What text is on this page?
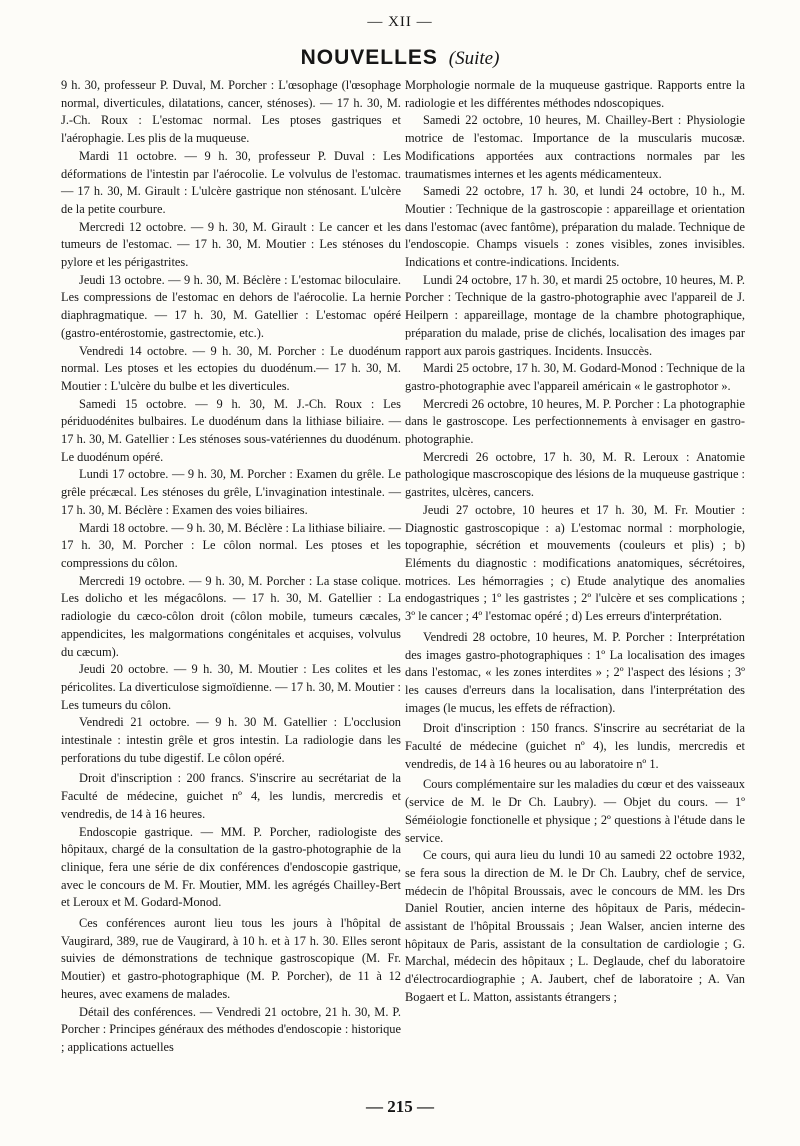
— XII —
NOUVELLES (Suite)

9 h. 30, professeur P. Duval, M. Porcher : L'œsophage (l'œsophage normal, diverticules, dilatations, cancer, sténoses). — 17 h. 30, M. J.-Ch. Roux : L'estomac normal. Les ptoses gastriques et l'aérophagie. Les plis de la muqueuse.

Mardi 11 octobre. — 9 h. 30, professeur P. Duval : Les déformations de l'intestin par l'aérocolie. Le volvulus de l'estomac. — 17 h. 30, M. Girault : L'ulcère gastrique non sténosant. L'ulcère de la petite courbure.

Mercredi 12 octobre. — 9 h. 30, M. Girault : Le cancer et les tumeurs de l'estomac. — 17 h. 30, M. Moutier : Les sténoses du pylore et les périgastrites.

Jeudi 13 octobre. — 9 h. 30, M. Béclère : L'estomac biloculaire. Les compressions de l'estomac en dehors de l'aérocolie. La hernie diaphragmatique. — 17 h. 30, M. Gatellier : L'estomac opéré (gastro-entérostomie, gastrectomie, etc.).

Vendredi 14 octobre. — 9 h. 30, M. Porcher : Le duodénum normal. Les ptoses et les ectopies du duodénum.— 17 h. 30, M. Moutier : L'ulcère du bulbe et les diverticules.

Samedi 15 octobre. — 9 h. 30, M. J.-Ch. Roux : Les périduodénites bulbaires. Le duodénum dans la lithiase biliaire. — 17 h. 30, M. Gatellier : Les sténoses sous-vatériennes du duodénum. Le duodénum opéré.

Lundi 17 octobre. — 9 h. 30, M. Porcher : Examen du grêle. Le grêle précæcal. Les sténoses du grêle, L'invagination intestinale. — 17 h. 30, M. Béclère : Examen des voies biliaires.

Mardi 18 octobre. — 9 h. 30, M. Béclère : La lithiase biliaire. — 17 h. 30, M. Porcher : Le côlon normal. Les ptoses et les compressions du côlon.

Mercredi 19 octobre. — 9 h. 30, M. Porcher : La stase colique. Les dolicho et les mégacôlons. — 17 h. 30, M. Gatellier : La radiologie du cæco-côlon droit (côlon mobile, tumeurs cæcales, appendicites, les malgormations congénitales et acquises, volvulus du cæcum).

Jeudi 20 octobre. — 9 h. 30, M. Moutier : Les colites et les péricolites. La diverticulose sigmoïdienne. — 17 h. 30, M. Moutier : Les tumeurs du côlon.

Vendredi 21 octobre. — 9 h. 30 M. Gatellier : L'occlusion intestinale : intestin grêle et gros intestin. La radiologie dans les perforations du tube digestif. Le côlon opéré.

Droit d'inscription : 200 francs. S'inscrire au secrétariat de la Faculté de médecine, guichet nº 4, les lundis, mercredis et vendredis, de 14 à 16 heures.

Endoscopie gastrique. — MM. P. Porcher, radiologiste des hôpitaux, chargé de la consultation de la gastro-photographie de la clinique, fera une série de dix conférences d'endoscopie gastrique, avec le concours de M. Fr. Moutier, MM. les agrégés Chailley-Bert et Leroux et M. Godard-Monod.

Ces conférences auront lieu tous les jours à l'hôpital de Vaugirard, 389, rue de Vaugirard, à 10 h. et à 17 h. 30. Elles seront suivies de démonstrations de technique gastroscopique (M. Fr. Moutier) et gastro-photographique (M. P. Porcher), de 11 à 12 heures, avec examens de malades.

Détail des conférences. — Vendredi 21 octobre, 21 h. 30, M. P. Porcher : Principes généraux des méthodes d'endoscopie : historique ; applications actuelles

Morphologie normale de la muqueuse gastrique. Rapports entre la radiologie et les différentes méthodes ndoscopiques.

Samedi 22 octobre, 10 heures, M. Chailley-Bert : Physiologie motrice de l'estomac. Importance de la muscularis mucosæ. Modifications apportées aux contractions normales par les traumatismes internes et les agents médicamenteux.

Samedi 22 octobre, 17 h. 30, et lundi 24 octobre, 10 h., M. Moutier : Technique de la gastroscopie : appareillage et orientation dans l'estomac (avec fantôme), préparation du malade. Technique de l'endoscopie. Champs visuels : zones visibles, zones invisibles. Indications et contre-indications. Incidents.

Lundi 24 octobre, 17 h. 30, et mardi 25 octobre, 10 heures, M. P. Porcher : Technique de la gastro-photographie avec l'appareil de J. Heilpern : appareillage, montage de la chambre photographique, préparation du malade, prise de clichés, localisation des images par rapport aux parois gastriques. Incidents. Insuccès.

Mardi 25 octobre, 17 h. 30, M. Godard-Monod : Technique de la gastro-photographie avec l'appareil américain « le gastrophotor ».

Mercredi 26 octobre, 10 heures, M. P. Porcher : La photographie dans le gastroscope. Les perfectionnements à envisager en gastro-photographie.

Mercredi 26 octobre, 17 h. 30, M. R. Leroux : Anatomie pathologique mascroscopique des lésions de la muqueuse gastrique : gastrites, ulcères, cancers.

Jeudi 27 octobre, 10 heures et 17 h. 30, M. Fr. Moutier : Diagnostic gastroscopique : a) L'estomac normal : morphologie, topographie, sécrétion et mouvements (couleurs et plis) ; b) Eléments du diagnostic : modifications anatomiques, sécrétoires, motrices. Les hémorragies ; c) Etude analytique des anomalies endogastriques ; 1º les gastristes ; 2º l'ulcère et ses complications ; 3º le cancer ; 4º l'estomac opéré ; d) Les erreurs d'interprétation.

Vendredi 28 octobre, 10 heures, M. P. Porcher : Interprétation des images gastro-photographiques : 1º La localisation des images dans l'estomac, « les zones interdites » ; 2º l'aspect des lésions ; 3º les causes d'erreurs dans la localisation, dans l'interprétation des images (le mucus, les effets de réfraction).

Droit d'inscription : 150 francs. S'inscrire au secrétariat de la Faculté de médecine (guichet nº 4), les lundis, mercredis et vendredis, de 14 à 16 heures ou au laboratoire nº 1.

Cours complémentaire sur les maladies du cœur et des vaisseaux (service de M. le Dr Ch. Laubry). — Objet du cours. — 1º Séméiologie fonctionelle et physique ; 2º questions à l'étude dans le service.

Ce cours, qui aura lieu du lundi 10 au samedi 22 octobre 1932, se fera sous la direction de M. le Dr Ch. Laubry, chef de service, médecin de l'hôpital Broussais, avec le concours de MM. les Drs Daniel Routier, ancien interne des hôpitaux de Paris, médecin-assistant de l'hôpital Broussais ; Jean Walser, ancien interne des hôpitaux de Paris, assistant de la consultation de cardiologie ; G. Marchal, médecin des hôpitaux ; L. Deglaude, chef du laboratoire d'électrocardiographie ; A. Jaubert, chef de laboratoire ; A. Van Bogaert et L. Matton, assistants étrangers ;

— 215 —
